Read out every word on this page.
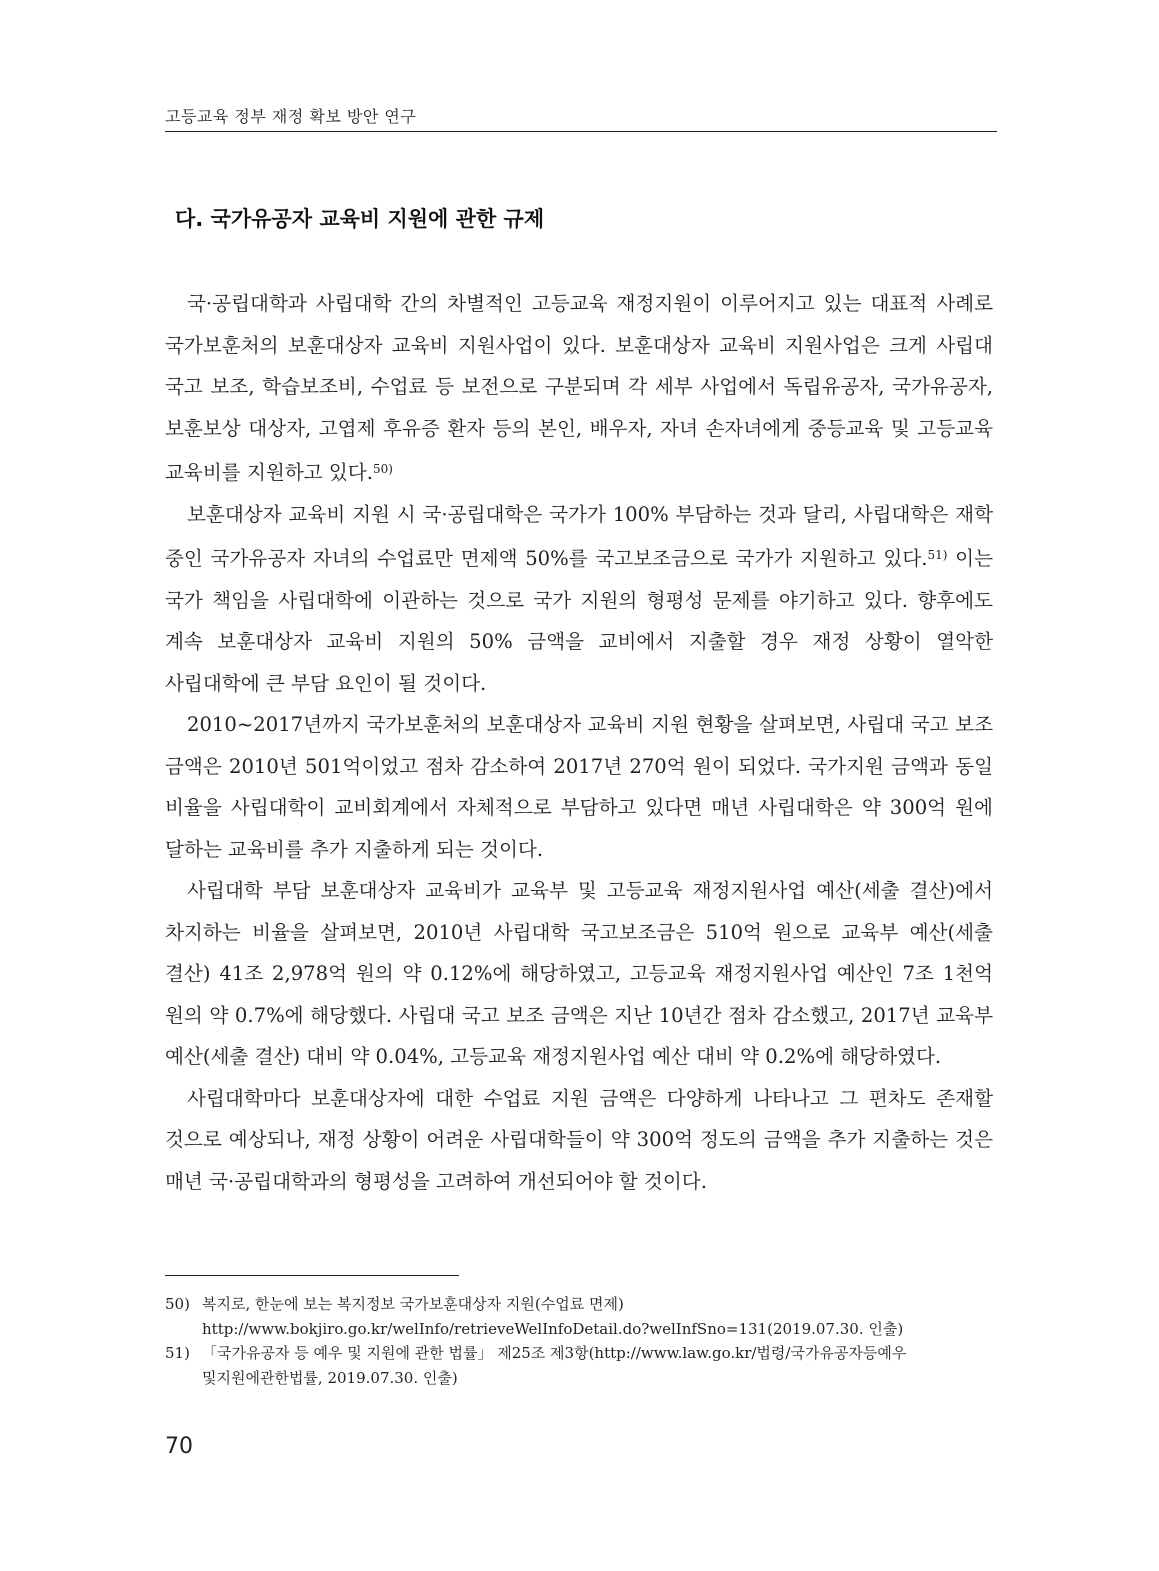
고등교육 정부 재정 확보 방안 연구
다. 국가유공자 교육비 지원에 관한 규제

국·공립대학과 사립대학 간의 차별적인 고등교육 재정지원이 이루어지고 있는 대표적 사례로 국가보훈처의 보훈대상자 교육비 지원사업이 있다. 보훈대상자 교육비 지원사업은 크게 사립대 국고 보조, 학습보조비, 수업료 등 보전으로 구분되며 각 세부 사업에서 독립유공자, 국가유공자, 보훈보상 대상자, 고엽제 후유증 환자 등의 본인, 배우자, 자녀 손자녀에게 중등교육 및 고등교육 교육비를 지원하고 있다.$^{50)}$

보훈대상자 교육비 지원 시 국·공립대학은 국가가 100% 부담하는 것과 달리, 사립대학은 재학 중인 국가유공자 자녀의 수업료만 면제액 50%를 국고보조금으로 국가가 지원하고 있다.$^{51)}$ 이는 국가 책임을 사립대학에 이관하는 것으로 국가 지원의 형평성 문제를 야기하고 있다. 향후에도 계속 보훈대상자 교육비 지원의 50% 금액을 교비에서 지출할 경우 재정 상황이 열악한 사립대학에 큰 부담 요인이 될 것이다.

2010~2017년까지 국가보훈처의 보훈대상자 교육비 지원 현황을 살펴보면, 사립대 국고 보조 금액은 2010년 501억이었고 점차 감소하여 2017년 270억 원이 되었다. 국가지원 금액과 동일 비율을 사립대학이 교비회계에서 자체적으로 부담하고 있다면 매년 사립대학은 약 300억 원에 달하는 교육비를 추가 지출하게 되는 것이다.

사립대학 부담 보훈대상자 교육비가 교육부 및 고등교육 재정지원사업 예산(세출 결산)에서 차지하는 비율을 살펴보면, 2010년 사립대학 국고보조금은 510억 원으로 교육부 예산(세출 결산) 41조 2,978억 원의 약 0.12%에 해당하였고, 고등교육 재정지원사업 예산인 7조 1천억 원의 약 0.7%에 해당했다. 사립대 국고 보조 금액은 지난 10년간 점차 감소했고, 2017년 교육부 예산(세출 결산) 대비 약 0.04%, 고등교육 재정지원사업 예산 대비 약 0.2%에 해당하였다.

사립대학마다 보훈대상자에 대한 수업료 지원 금액은 다양하게 나타나고 그 편차도 존재할 것으로 예상되나, 재정 상황이 어려운 사립대학들이 약 300억 정도의 금액을 추가 지출하는 것은 매년 국·공립대학과의 형평성을 고려하여 개선되어야 할 것이다.

50) 복지로, 한눈에 보는 복지정보 국가보훈대상자 지원(수업료 면제)
http://www.bokjiro.go.kr/welInfo/retrieveWelInfoDetail.do?welInfSno=131(2019.07.30. 인출)
51) 「국가유공자 등 예우 및 지원에 관한 법률」 제25조 제3항(http://www.law.go.kr/법령/국가유공자등예우
및지원에관한법률, 2019.07.30. 인출)
70
